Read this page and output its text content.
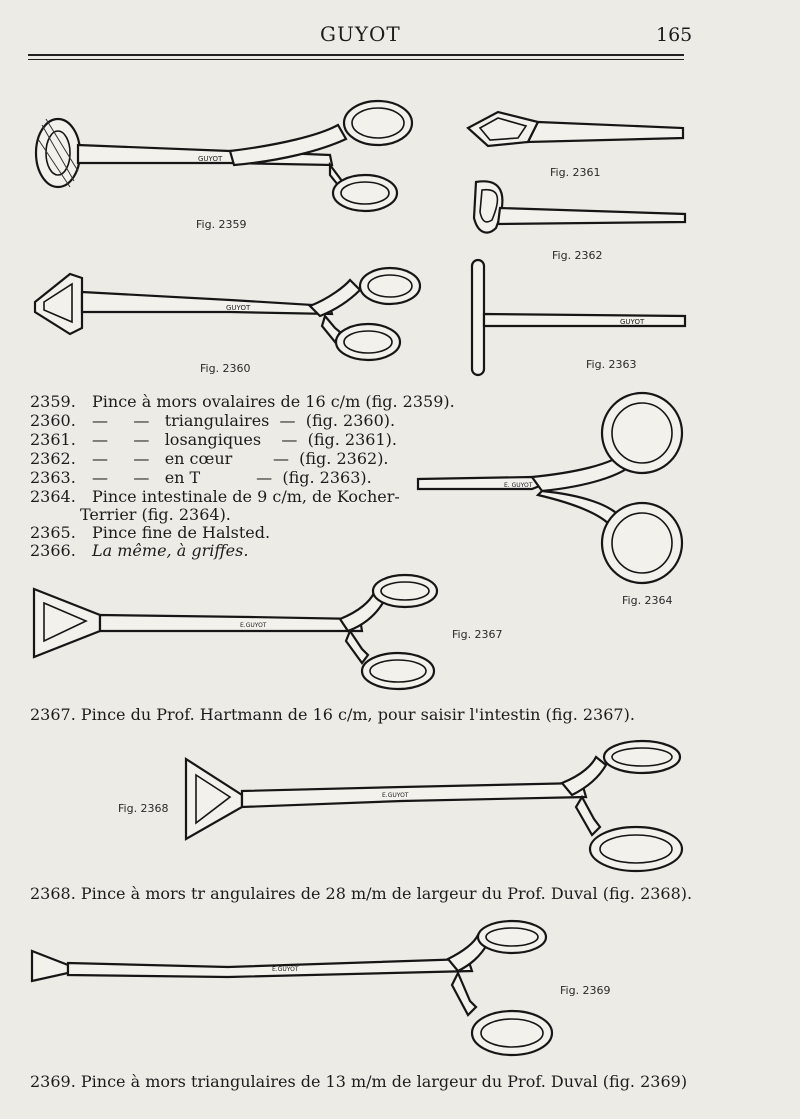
GUYOT	165
GUYOT
Fig. 2359
GUYOT
Fig. 2360
Fig. 2361
Fig. 2362
GUYOT
Fig. 2363
2359. Pince à mors ovalaires de 16 c/m (fig. 2359).
2360. —     —   triangulaires  —  (fig. 2360).
2361. —     —   losangiques    —  (fig. 2361).
2362. —     —   en cœur        —  (fig. 2362).
2363. —     —   en T           —  (fig. 2363).
2364. Pince intestinale de 9 c/m, de Kocher-
Terrier (fig. 2364).
2365. Pince fine de Halsted.
2366. La même, à griffes.
E. GUYOT
Fig. 2364
E.GUYOT
Fig. 2367
2367. Pince du Prof. Hartmann de 16 c/m, pour saisir l'intestin (fig. 2367).
E.GUYOT
Fig. 2368
2368. Pince à mors tr angulaires de 28 m/m de largeur du Prof. Duval (fig. 2368).
E.GUYOT
Fig. 2369
2369. Pince à mors triangulaires de 13 m/m de largeur du Prof. Duval (fig. 2369)
